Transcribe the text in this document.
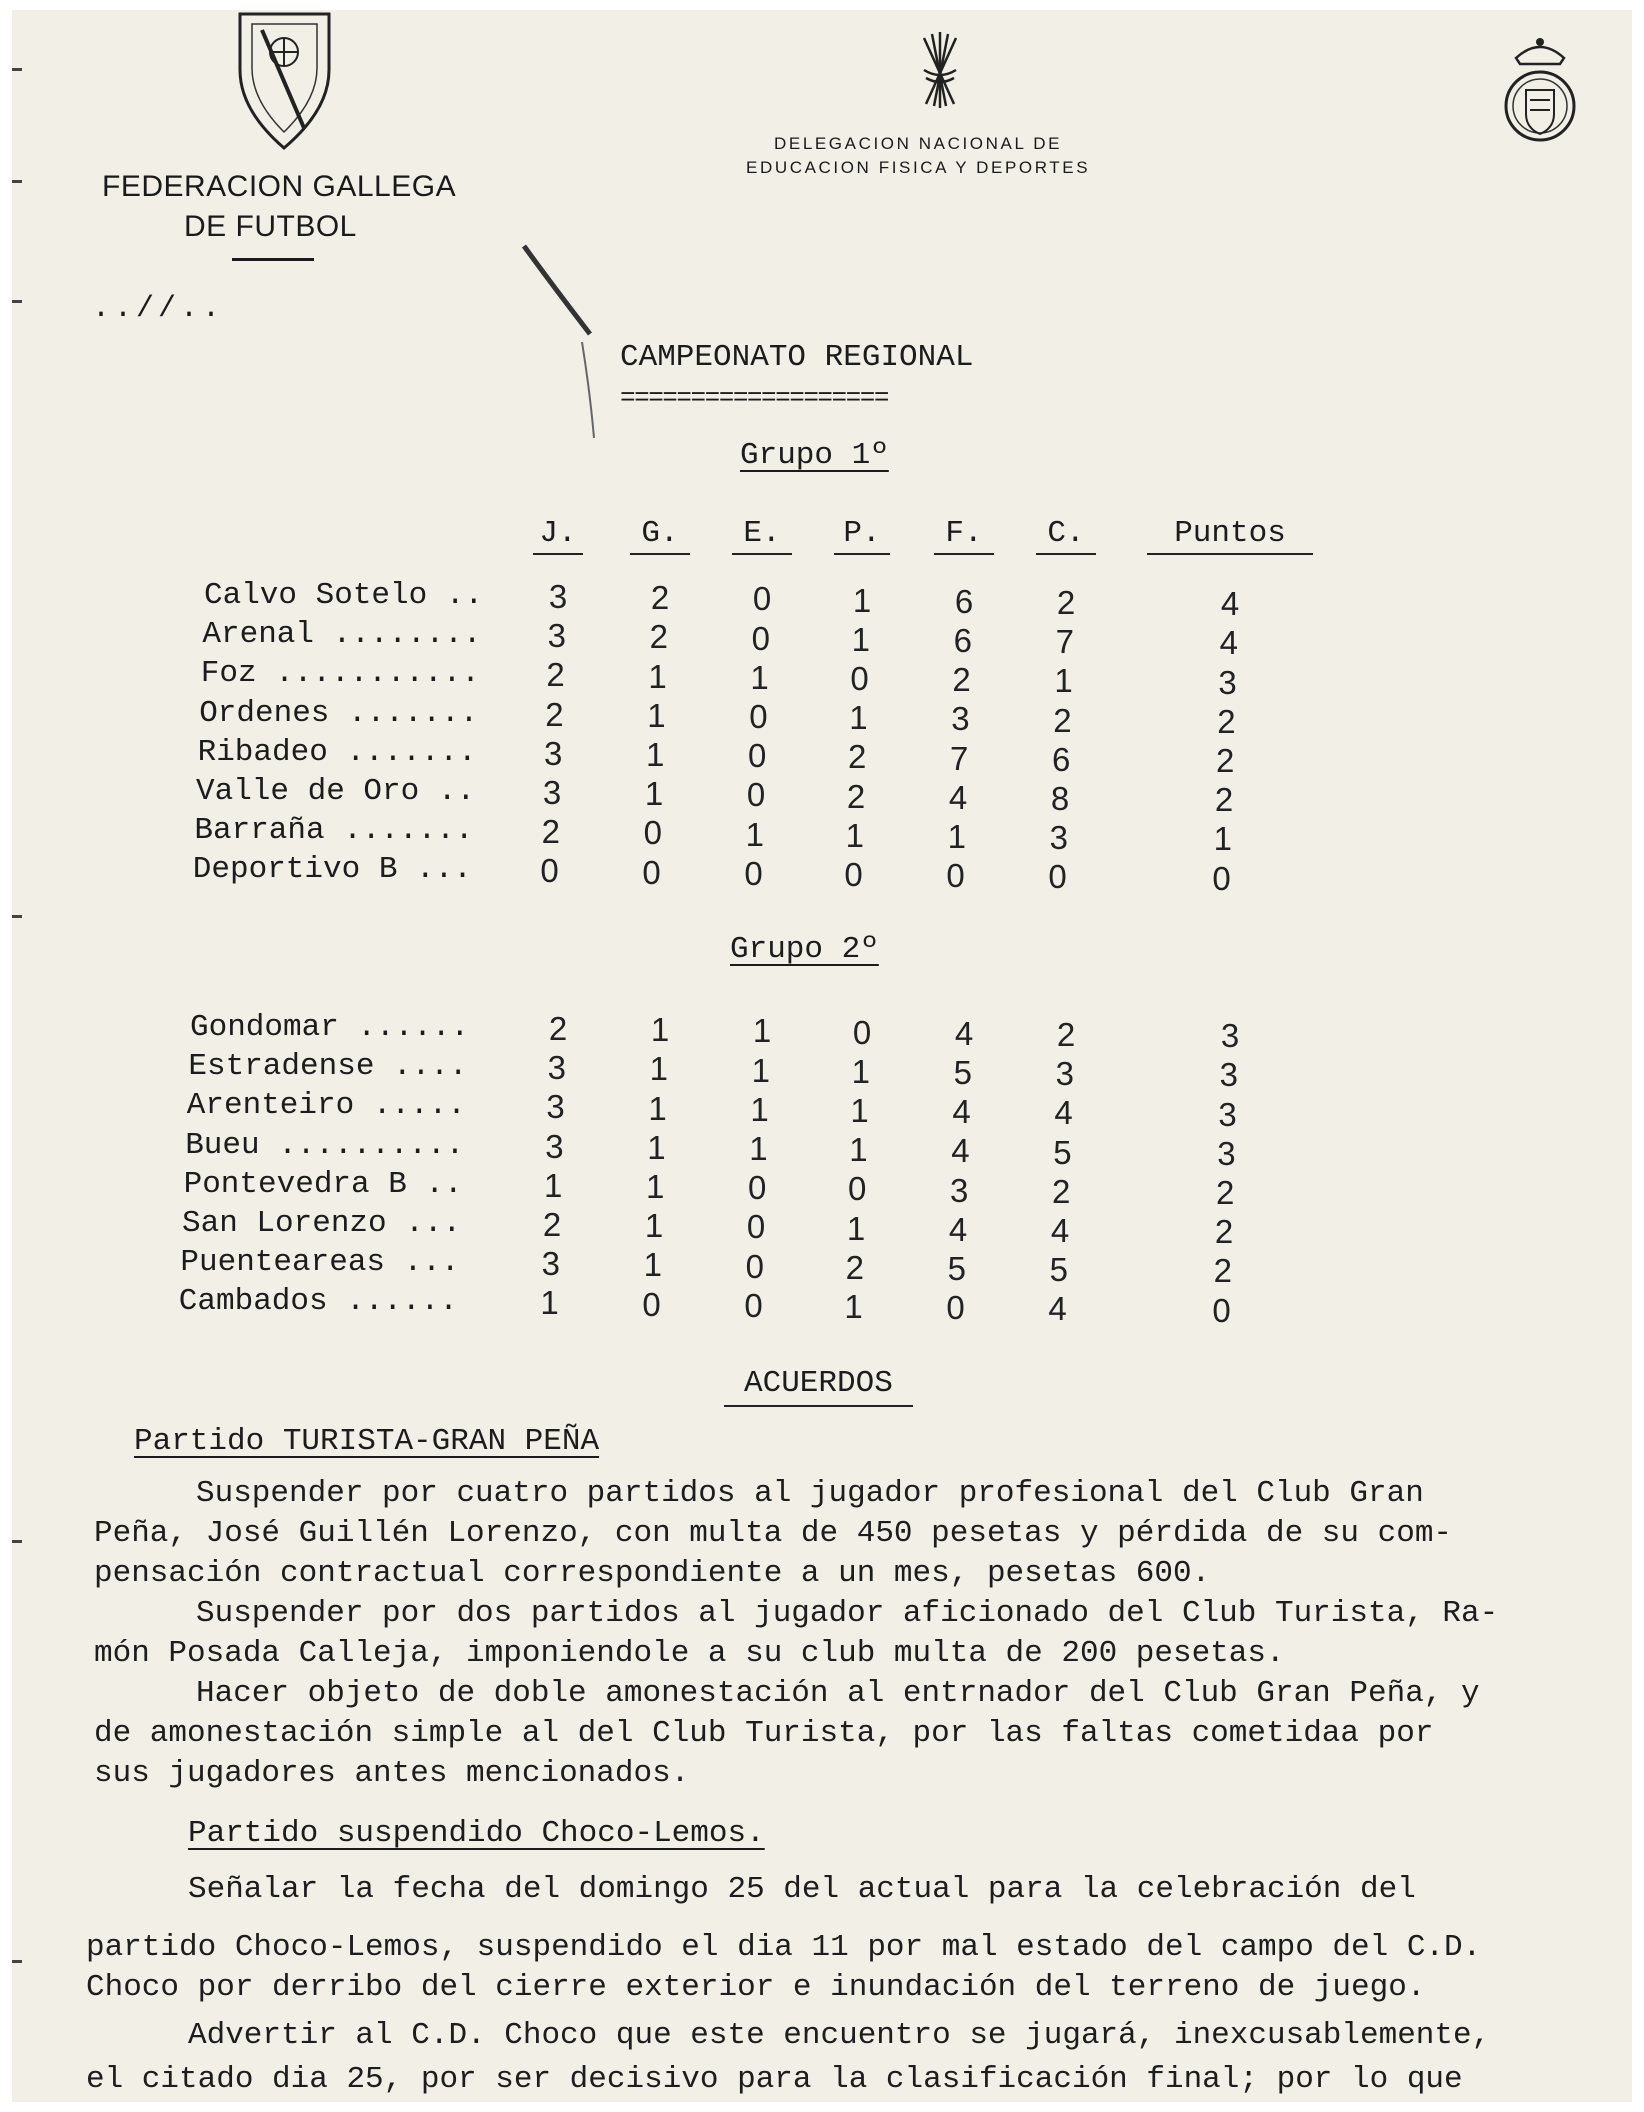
FEDERACION GALLEGA
DE FUTBOL
DELEGACION NACIONAL DE
EDUCACION FISICA Y DEPORTES
..//..
CAMPEONATO REGIONAL
===================
Grupo 1º
J.	G.	E.	P.	F.	C.	Puntos
Calvo Sotelo ..	3	2	0	1	6	2	4
Arenal ........	3	2	0	1	6	7	4
Foz ...........	2	1	1	0	2	1	3
Ordenes .......	2	1	0	1	3	2	2
Ribadeo .......	3	1	0	2	7	6	2
Valle de Oro ..	3	1	0	2	4	8	2
Barraña .......	2	0	1	1	1	3	1
Deportivo B ...	0	0	0	0	0	0	0
Grupo 2º
Gondomar ......	2	1	1	0	4	2	3
Estradense ....	3	1	1	1	5	3	3
Arenteiro .....	3	1	1	1	4	4	3
Bueu ..........	3	1	1	1	4	5	3
Pontevedra B ..	1	1	0	0	3	2	2
San Lorenzo ...	2	1	0	1	4	4	2
Puenteareas ...	3	1	0	2	5	5	2
Cambados ......	1	0	0	1	0	4	0
ACUERDOS
Partido TURISTA-GRAN PEÑA
Suspender por cuatro partidos al jugador profesional del Club Gran
Peña, José Guillén Lorenzo, con multa de 450 pesetas y pérdida de su com-
pensación contractual correspondiente a un mes, pesetas 600.
Suspender por dos partidos al jugador aficionado del Club Turista, Ra-
món Posada Calleja, imponiendole a su club multa de 200 pesetas.
Hacer objeto de doble amonestación al entrnador del Club Gran Peña, y
de amonestación simple al del Club Turista, por las faltas cometidaa por
sus jugadores antes mencionados.
Partido suspendido Choco-Lemos.
Señalar la fecha del domingo 25 del actual para la celebración del
partido Choco-Lemos, suspendido el dia 11 por mal estado del campo del C.D.
Choco por derribo del cierre exterior e inundación del terreno de juego.
Advertir al C.D. Choco que este encuentro se jugará, inexcusablemente,
el citado dia 25, por ser decisivo para la clasificación final; por lo que
